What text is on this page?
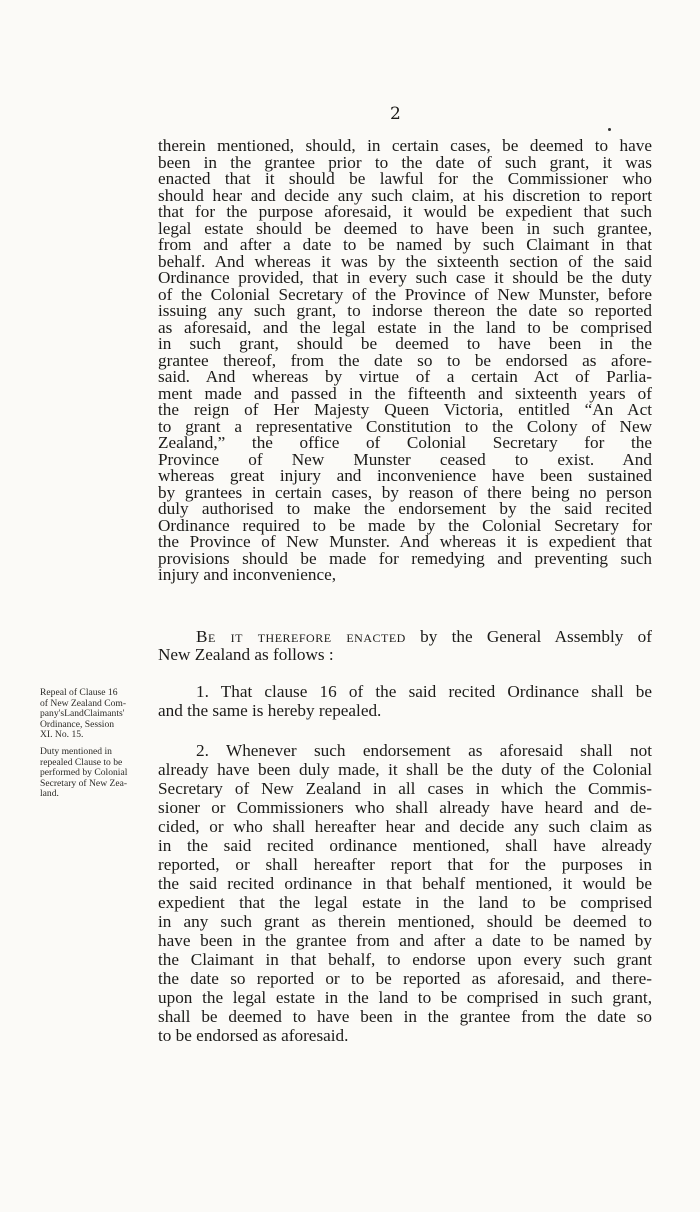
2
therein mentioned, should, in certain cases, be deemed to have
been in the grantee prior to the date of such grant, it was
enacted that it should be lawful for the Commissioner who
should hear and decide any such claim, at his discretion to report
that for the purpose aforesaid, it would be expedient that such
legal estate should be deemed to have been in such grantee,
from and after a date to be named by such Claimant in that
behalf. And whereas it was by the sixteenth section of the said
Ordinance provided, that in every such case it should be the duty
of the Colonial Secretary of the Province of New Munster, before
issuing any such grant, to indorse thereon the date so reported
as aforesaid, and the legal estate in the land to be comprised
in such grant, should be deemed to have been in the
grantee thereof, from the date so to be endorsed as afore-
said. And whereas by virtue of a certain Act of Parlia-
ment made and passed in the fifteenth and sixteenth years of
the reign of Her Majesty Queen Victoria, entitled “An Act
to grant a representative Constitution to the Colony of New
Zealand,” the office of Colonial Secretary for the
Province of New Munster ceased to exist. And
whereas great injury and inconvenience have been sustained
by grantees in certain cases, by reason of there being no person
duly authorised to make the endorsement by the said recited
Ordinance required to be made by the Colonial Secretary for
the Province of New Munster. And whereas it is expedient that
provisions should be made for remedying and preventing such
injury and inconvenience,
Be it therefore enacted by the General Assembly of
New Zealand as follows :
Repeal of Clause 16
of New Zealand Com-
pany'sLandClaimants'
Ordinance, Session
XI. No. 15.
1. That clause 16 of the said recited Ordinance shall be
and the same is hereby repealed.
Duty mentioned in
repealed Clause to be
performed by Colonial
Secretary of New Zea-
land.
2. Whenever such endorsement as aforesaid shall not
already have been duly made, it shall be the duty of the Colonial
Secretary of New Zealand in all cases in which the Commis-
sioner or Commissioners who shall already have heard and de-
cided, or who shall hereafter hear and decide any such claim as
in the said recited ordinance mentioned, shall have already
reported, or shall hereafter report that for the purposes in
the said recited ordinance in that behalf mentioned, it would be
expedient that the legal estate in the land to be comprised
in any such grant as therein mentioned, should be deemed to
have been in the grantee from and after a date to be named by
the Claimant in that behalf, to endorse upon every such grant
the date so reported or to be reported as aforesaid, and there-
upon the legal estate in the land to be comprised in such grant,
shall be deemed to have been in the grantee from the date so
to be endorsed as aforesaid.
